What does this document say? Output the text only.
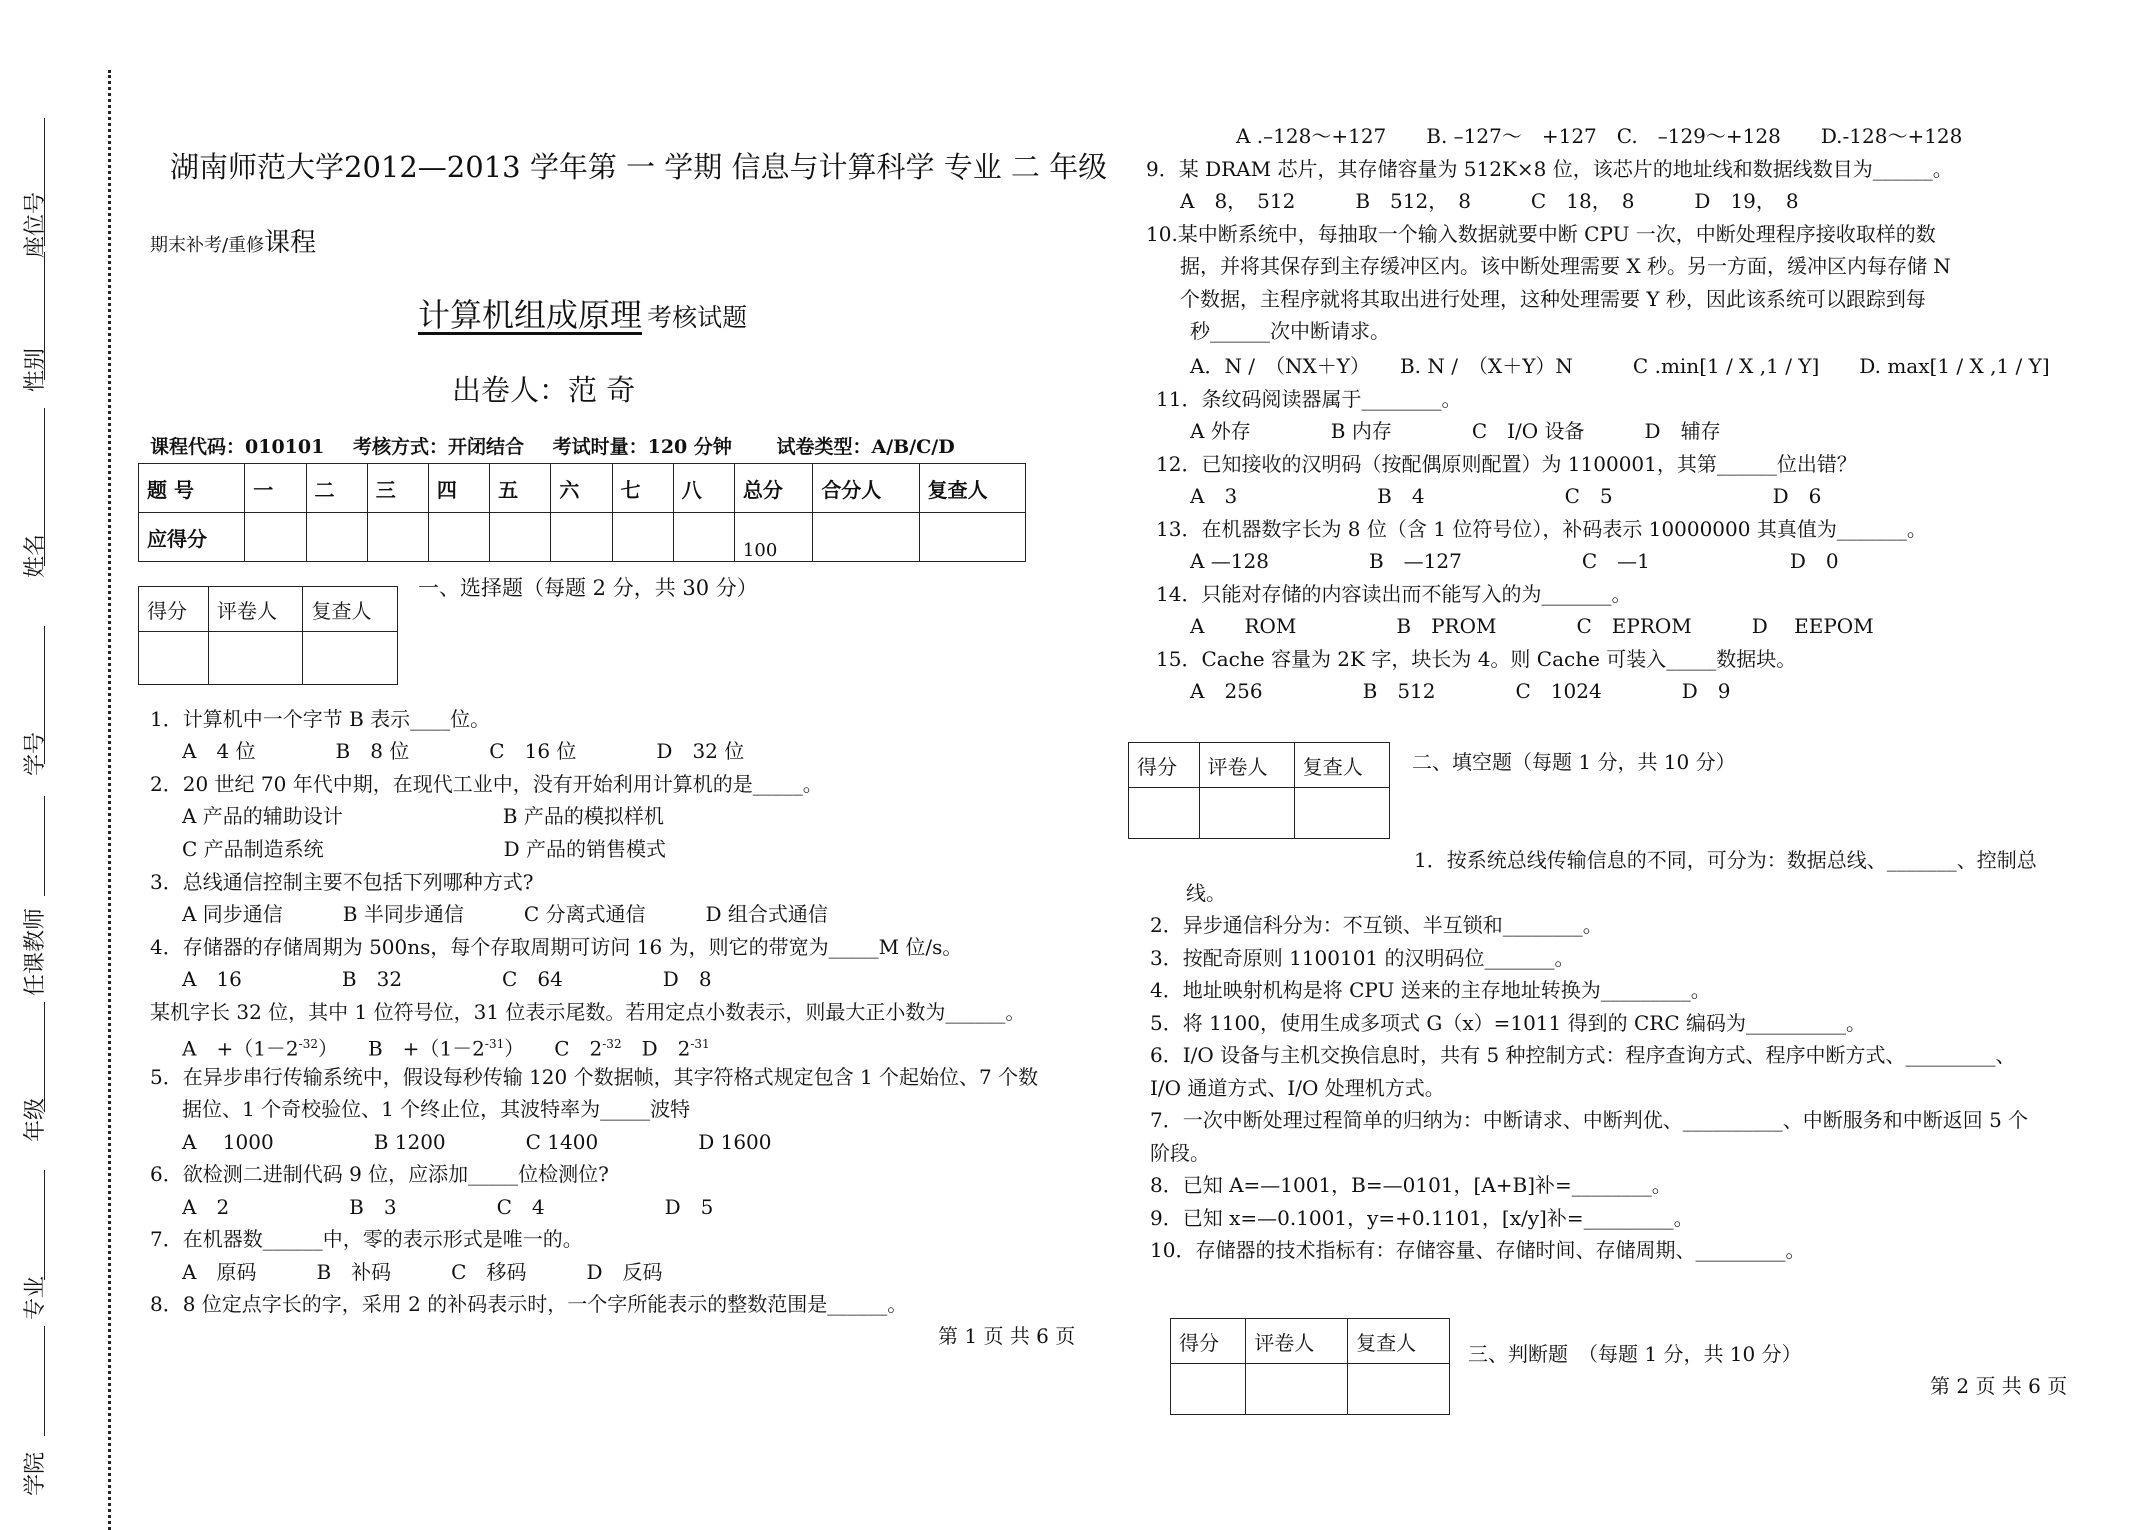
座位号
性别
姓名
学号
任课教师
年级
专业
学院
湖南师范大学2012—2013 学年第 一 学期 信息与计算科学 专业 二 年级
期末补考/重修课程
计算机组成原理 考核试题
出卷人：范 奇
课程代码：010101 考核方式：开闭结合 考试时量：120 分钟 试卷类型：A/B/C/D
题 号	一	二	三	四	五	六	七	八	总分	合分人	复查人
应得分									100		
得分	评卷人	复查人

一、选择题（每题 2 分，共 30 分）
1．计算机中一个字节 B 表示____位。
A　4 位　　　　B　8 位　　　　C　16 位　　　　D　32 位
2．20 世纪 70 年代中期，在现代工业中，没有开始利用计算机的是_____。
A 产品的辅助设计　　　　　　　　B 产品的模拟样机
C 产品制造系统　　　　　　　　　D 产品的销售模式
3．总线通信控制主要不包括下列哪种方式?
A 同步通信　　　B 半同步通信　　　C 分离式通信　　　D 组合式通信
4．存储器的存储周期为 500ns，每个存取周期可访问 16 为，则它的带宽为_____M 位/s。
A　16　　　　　B　32　　　　　C　64　　　　　D　8
某机字长 32 位，其中 1 位符号位，31 位表示尾数。若用定点小数表示，则最大正小数为______。
A　$+(1-2^{-32})$　　B　$+(1-2^{-31})$　　C　$2^{-32}$　D　$2^{-31}$
5．在异步串行传输系统中，假设每秒传输 120 个数据帧，其字符格式规定包含 1 个起始位、7 个数
据位、1 个奇校验位、1 个终止位，其波特率为_____波特
A　 1000　　　　　B 1200　　　　C 1400　　　　　D 1600
6．欲检测二进制代码 9 位，应添加_____位检测位?
A　2　　　　　　B　3　　　　　C　4　　　　　　D　5
7．在机器数______中，零的表示形式是唯一的。
A　原码　　　B　补码　　　C　移码　　　D　反码
8．8 位定点字长的字，采用 2 的补码表示时，一个字所能表示的整数范围是______。
第 1 页 共 6 页
A .–128～+127　　B. –127～　+127　C.　–129～+128　　D.-128～+128
9．某 DRAM 芯片，其存储容量为 512K×8 位，该芯片的地址线和数据线数目为______。
A　8，　512　　　B　512，　8　　　C　18，　8　　　D　19，　8
10.某中断系统中，每抽取一个输入数据就要中断 CPU 一次，中断处理程序接收取样的数
据，并将其保存到主存缓冲区内。该中断处理需要 X 秒。另一方面，缓冲区内每存储 N
个数据，主程序就将其取出进行处理，这种处理需要 Y 秒，因此该系统可以跟踪到每
秒______次中断请求。
A．N /　（NX＋Y）　　B. N /　（X＋Y）N　　　C .min[1 / X ,1 / Y]　　D. max[1 / X ,1 / Y]
11．条纹码阅读器属于________。
A 外存　　　　B 内存　　　　C　I/O 设备　　　D　辅存
12．已知接收的汉明码（按配偶原则配置）为 1100001，其第______位出错？
A　3　　　　　　　B　4　　　　　　　C　5　　　　　　　　D　6
13．在机器数字长为 8 位（含 1 位符号位），补码表示 10000000 其真值为_______。
A —128　　　　　B　—127　　　　　　C　—1　　　　　　　D　0
14．只能对存储的内容读出而不能写入的为_______。
A　　ROM　　　　　B　PROM　　　　C　EPROM　　　D　 EEPOM
15．Cache 容量为 2K 字，块长为 4。则 Cache 可装入_____数据块。
A　256　　　　　B　512　　　　C　1024　　　　D　9
得分	评卷人	复查人
		二、填空题（每题 1 分，共 10 分）
1．按系统总线传输信息的不同，可分为：数据总线、_______、控制总
线。
2．异步通信科分为：不互锁、半互锁和________。
3．按配奇原则 1100101 的汉明码位_______。
4．地址映射机构是将 CPU 送来的主存地址转换为_________。
5．将 1100，使用生成多项式 G（x）=1011 得到的 CRC 编码为__________。
6．I/O 设备与主机交换信息时，共有 5 种控制方式：程序查询方式、程序中断方式、_________、
I/O 通道方式、I/O 处理机方式。
7．一次中断处理过程简单的归纳为：中断请求、中断判优、__________、中断服务和中断返回 5 个
阶段。
8．已知 A=—1001，B=—0101，[A+B]补=________。
9．已知 x=—0.1001，y=+0.1101，[x/y]补=_________。
10．存储器的技术指标有：存储容量、存储时间、存储周期、_________。
得分	评卷人	复查人
			三、判断题　（每题 1 分，共 10 分）
第 2 页 共 6 页
